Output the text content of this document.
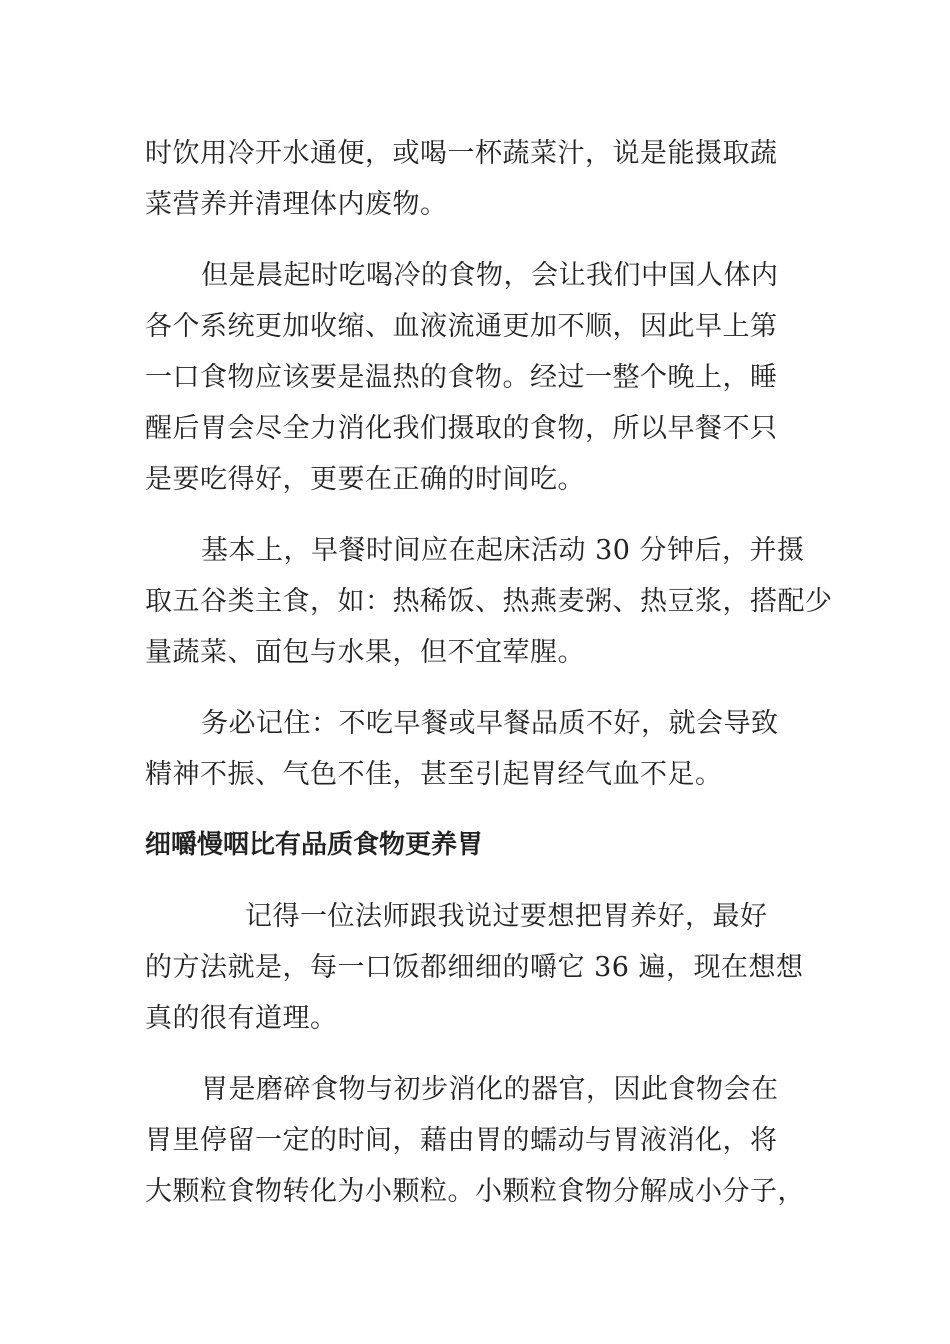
时饮用冷开水通便，或喝一杯蔬菜汁，说是能摄取蔬
菜营养并清理体内废物。
但是晨起时吃喝冷的食物，会让我们中国人体内
各个系统更加收缩、血液流通更加不顺，因此早上第
一口食物应该要是温热的食物。经过一整个晚上，睡
醒后胃会尽全力消化我们摄取的食物，所以早餐不只
是要吃得好，更要在正确的时间吃。
基本上，早餐时间应在起床活动 30 分钟后，并摄
取五谷类主食，如：热稀饭、热燕麦粥、热豆浆，搭配少
量蔬菜、面包与水果，但不宜荤腥。
务必记住：不吃早餐或早餐品质不好，就会导致
精神不振、气色不佳，甚至引起胃经气血不足。
细嚼慢咽比有品质食物更养胃
记得一位法师跟我说过要想把胃养好，最好
的方法就是，每一口饭都细细的嚼它 36 遍，现在想想
真的很有道理。
胃是磨碎食物与初步消化的器官，因此食物会在
胃里停留一定的时间，藉由胃的蠕动与胃液消化，将
大颗粒食物转化为小颗粒。小颗粒食物分解成小分子，
